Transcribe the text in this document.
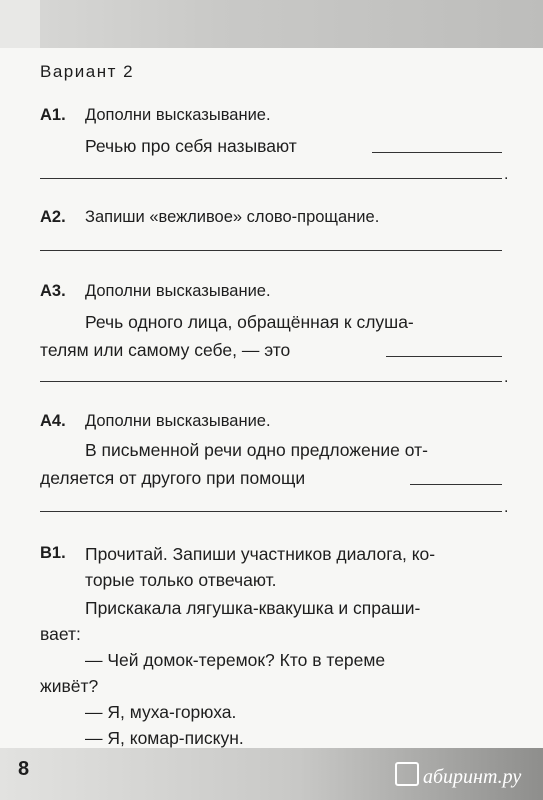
Вариант 2
А1. Дополни высказывание.
Речью про себя называют
.
А2. Запиши «вежливое» слово-прощание.
А3. Дополни высказывание.
Речь одного лица, обращённая к слуша-
телям или самому себе, — это
.
А4. Дополни высказывание.
В письменной речи одно предложение от-
деляется от другого при помощи
.
В1. Прочитай. Запиши участников диалога, ко-
торые только отвечают.
Прискакала лягушка-квакушка и спраши-
вает:
— Чей домок-теремок? Кто в тереме
живёт?
— Я, муха-горюха.
— Я, комар-пискун.
8	абиринт.ру
